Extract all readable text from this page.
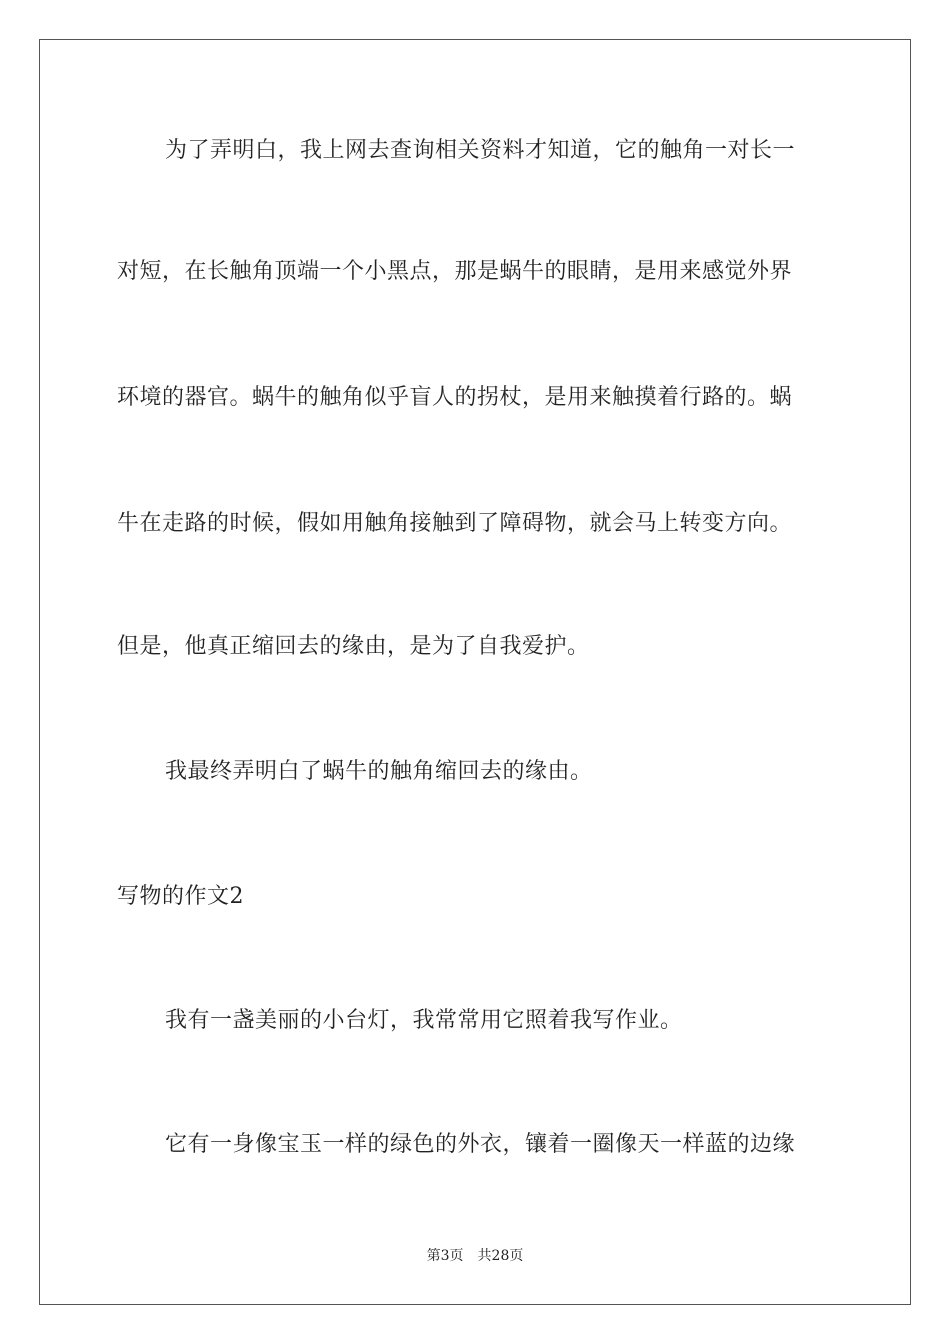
为了弄明白，我上网去查询相关资料才知道，它的触角一对长一
对短，在长触角顶端一个小黑点，那是蜗牛的眼睛，是用来感觉外界
环境的器官。蜗牛的触角似乎盲人的拐杖，是用来触摸着行路的。蜗
牛在走路的时候，假如用触角接触到了障碍物，就会马上转变方向。
但是，他真正缩回去的缘由，是为了自我爱护。
我最终弄明白了蜗牛的触角缩回去的缘由。
写物的作文2
我有一盏美丽的小台灯，我常常用它照着我写作业。
它有一身像宝玉一样的绿色的外衣，镶着一圈像天一样蓝的边缘
第3页 共28页
